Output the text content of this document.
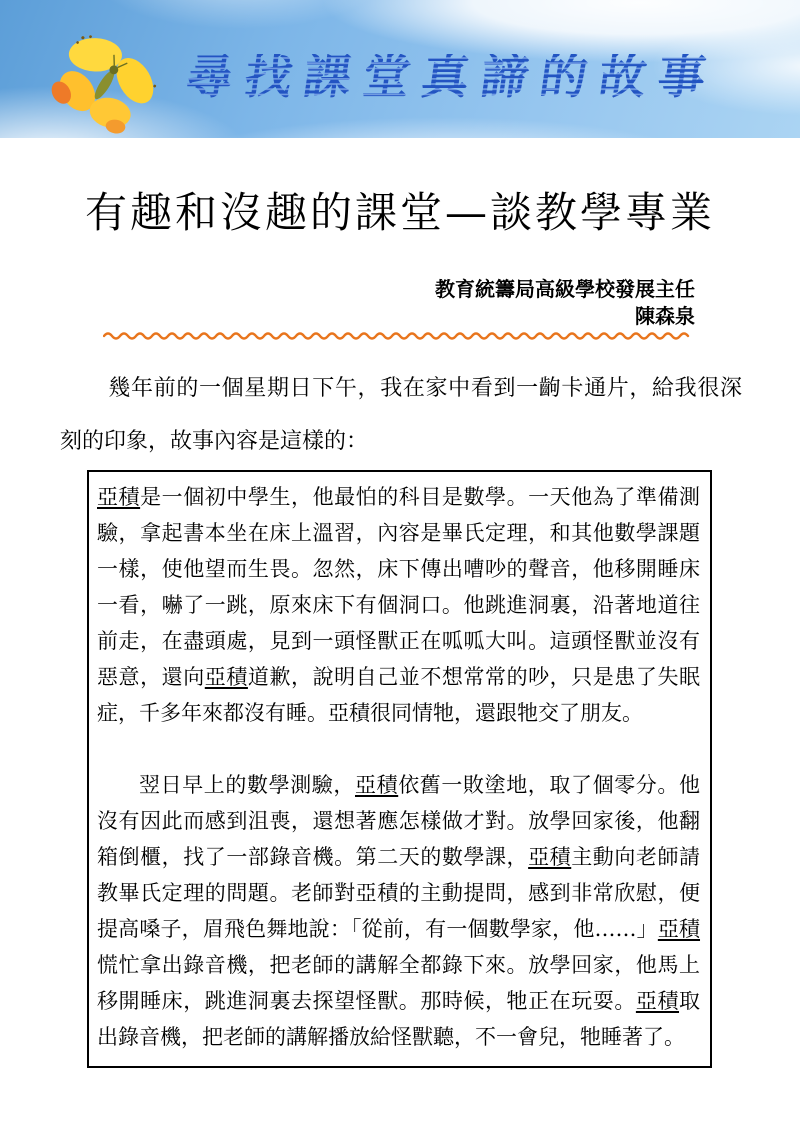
尋找課堂真諦的故事
有趣和沒趣的課堂—談教學專業
教育統籌局高級學校發展主任
陳森泉

幾年前的一個星期日下午，我在家中看到一齣卡通片，給我很深刻的印象，故事內容是這樣的：

亞積是一個初中學生，他最怕的科目是數學。一天他為了準備測驗，拿起書本坐在床上溫習，內容是畢氏定理，和其他數學課題一樣，使他望而生畏。忽然，床下傳出嘈吵的聲音，他移開睡床一看，嚇了一跳，原來床下有個洞口。他跳進洞裏，沿著地道往前走，在盡頭處，見到一頭怪獸正在呱呱大叫。這頭怪獸並沒有惡意，還向亞積道歉，說明自己並不想常常的吵，只是患了失眠症，千多年來都沒有睡。亞積很同情牠，還跟牠交了朋友。

翌日早上的數學測驗，亞積依舊一敗塗地，取了個零分。他沒有因此而感到沮喪，還想著應怎樣做才對。放學回家後，他翻箱倒櫃，找了一部錄音機。第二天的數學課，亞積主動向老師請教畢氏定理的問題。老師對亞積的主動提問，感到非常欣慰，便提高嗓子，眉飛色舞地說：「從前，有一個數學家，他……」亞積慌忙拿出錄音機，把老師的講解全都錄下來。放學回家，他馬上移開睡床，跳進洞裏去探望怪獸。那時候，牠正在玩耍。亞積取出錄音機，把老師的講解播放給怪獸聽，不一會兒，牠睡著了。
